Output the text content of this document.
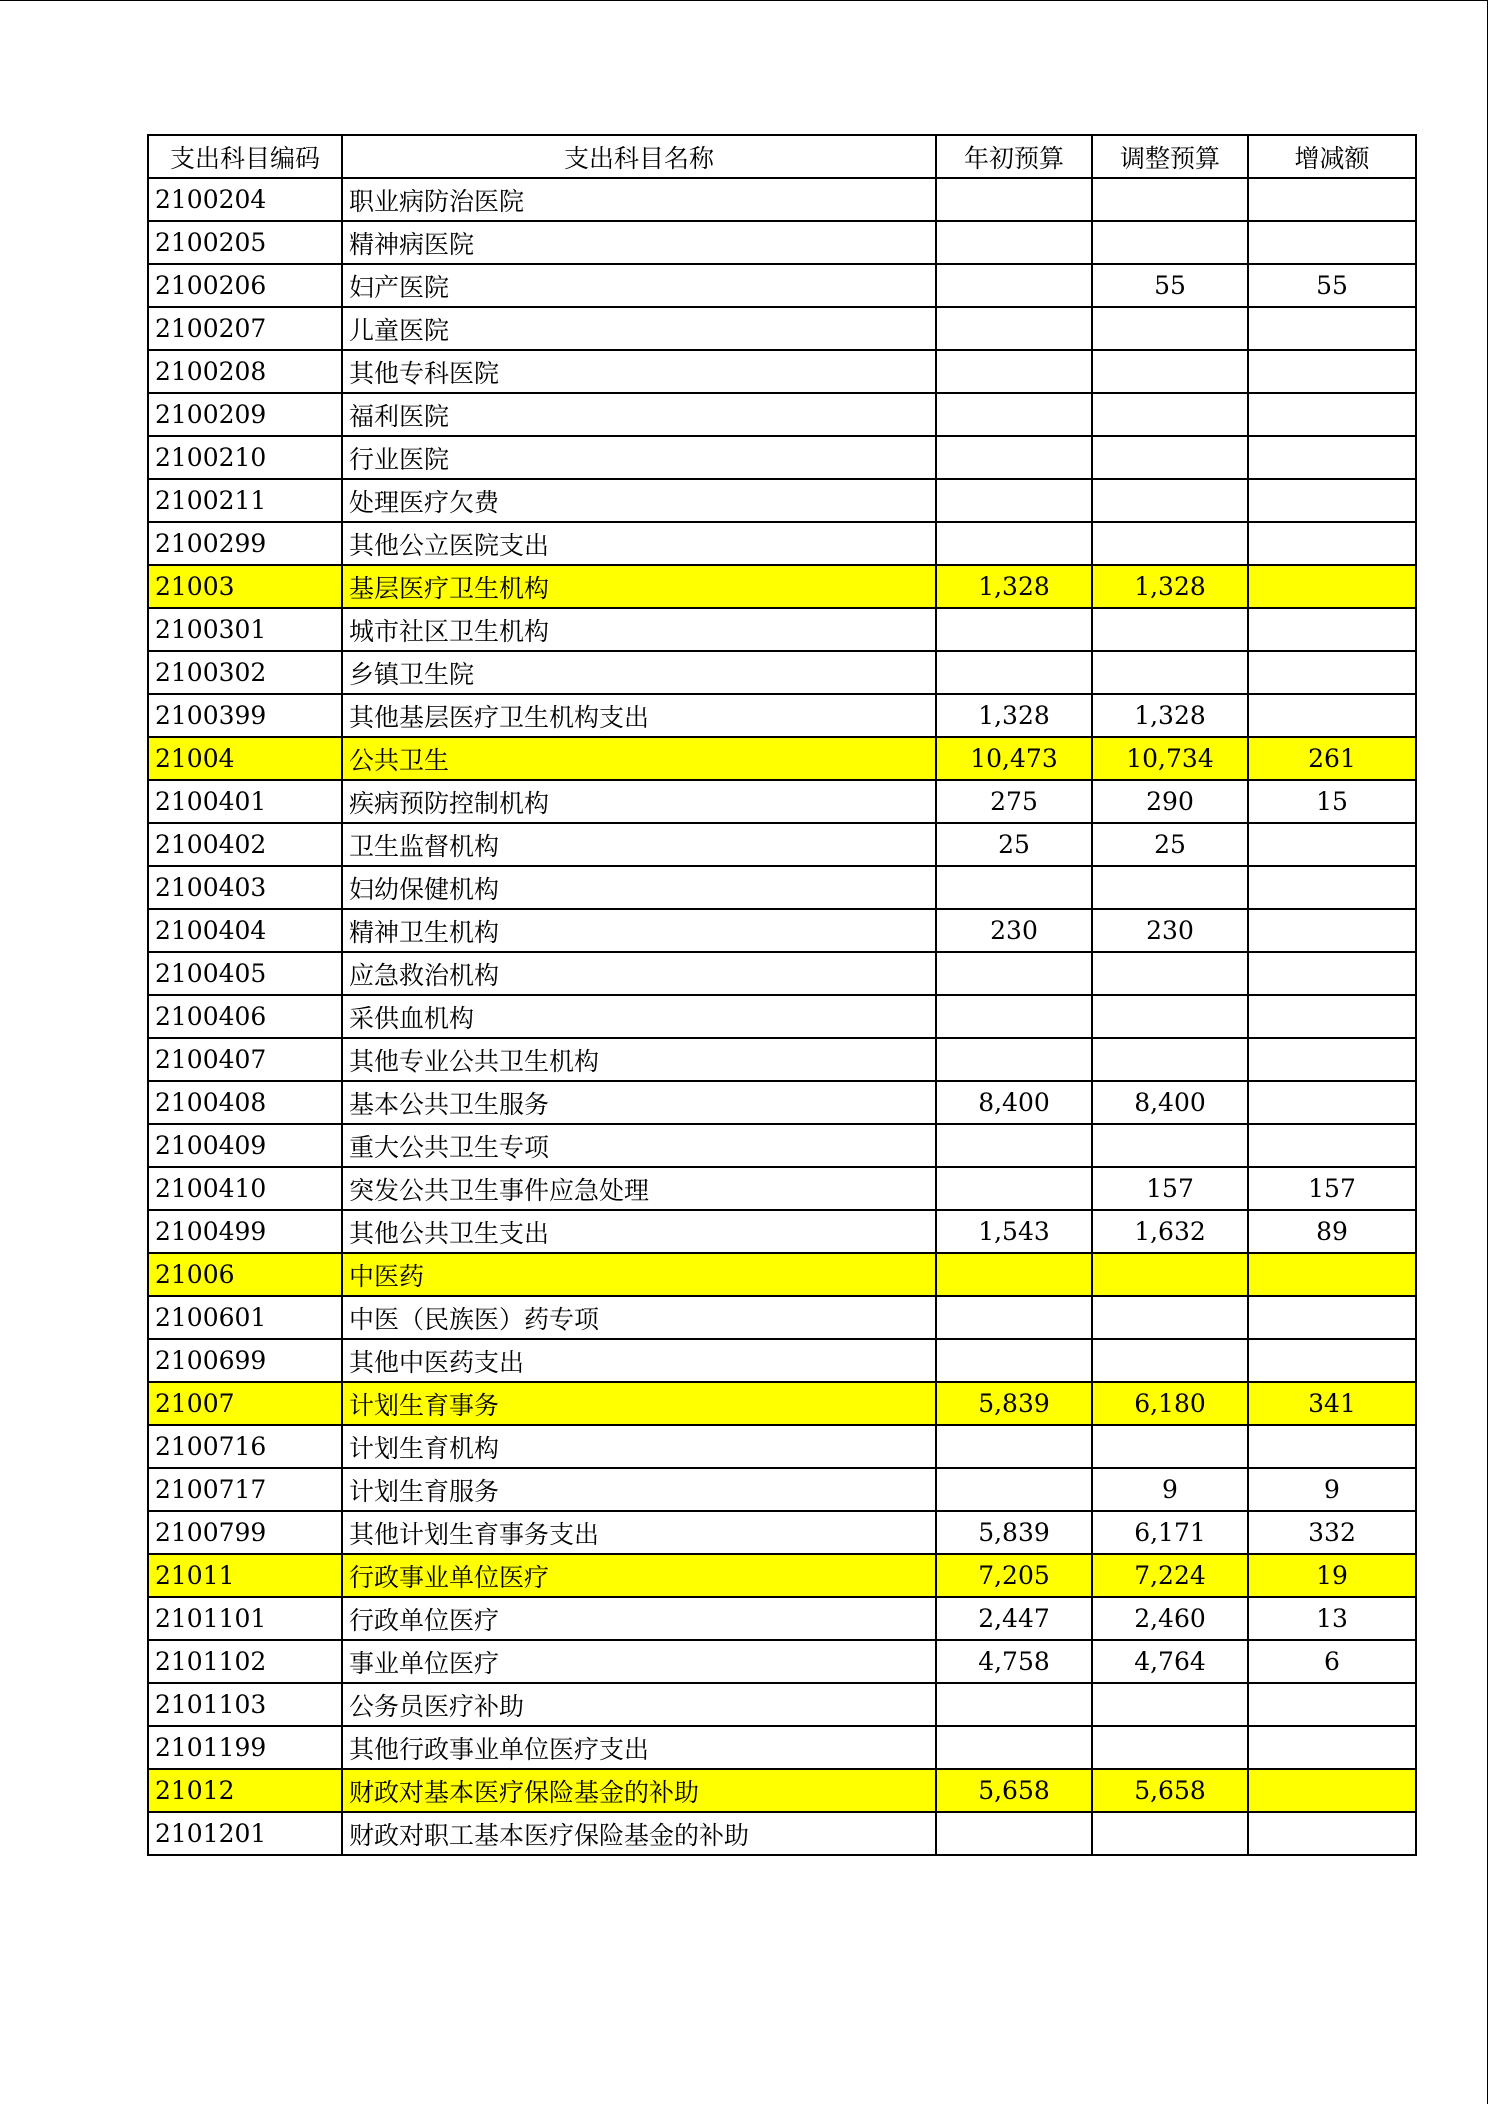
支出科目编码	支出科目名称	年初预算	调整预算	增减额
2100204	职业病防治医院			
2100205	精神病医院			
2100206	妇产医院		55	55
2100207	儿童医院			
2100208	其他专科医院			
2100209	福利医院			
2100210	行业医院			
2100211	处理医疗欠费			
2100299	其他公立医院支出			
21003	基层医疗卫生机构	1,328	1,328	
2100301	城市社区卫生机构			
2100302	乡镇卫生院			
2100399	其他基层医疗卫生机构支出	1,328	1,328	
21004	公共卫生	10,473	10,734	261
2100401	疾病预防控制机构	275	290	15
2100402	卫生监督机构	25	25	
2100403	妇幼保健机构			
2100404	精神卫生机构	230	230	
2100405	应急救治机构			
2100406	采供血机构			
2100407	其他专业公共卫生机构			
2100408	基本公共卫生服务	8,400	8,400	
2100409	重大公共卫生专项			
2100410	突发公共卫生事件应急处理		157	157
2100499	其他公共卫生支出	1,543	1,632	89
21006	中医药			
2100601	中医（民族医）药专项			
2100699	其他中医药支出			
21007	计划生育事务	5,839	6,180	341
2100716	计划生育机构			
2100717	计划生育服务		9	9
2100799	其他计划生育事务支出	5,839	6,171	332
21011	行政事业单位医疗	7,205	7,224	19
2101101	行政单位医疗	2,447	2,460	13
2101102	事业单位医疗	4,758	4,764	6
2101103	公务员医疗补助			
2101199	其他行政事业单位医疗支出			
21012	财政对基本医疗保险基金的补助	5,658	5,658	
2101201	财政对职工基本医疗保险基金的补助			
